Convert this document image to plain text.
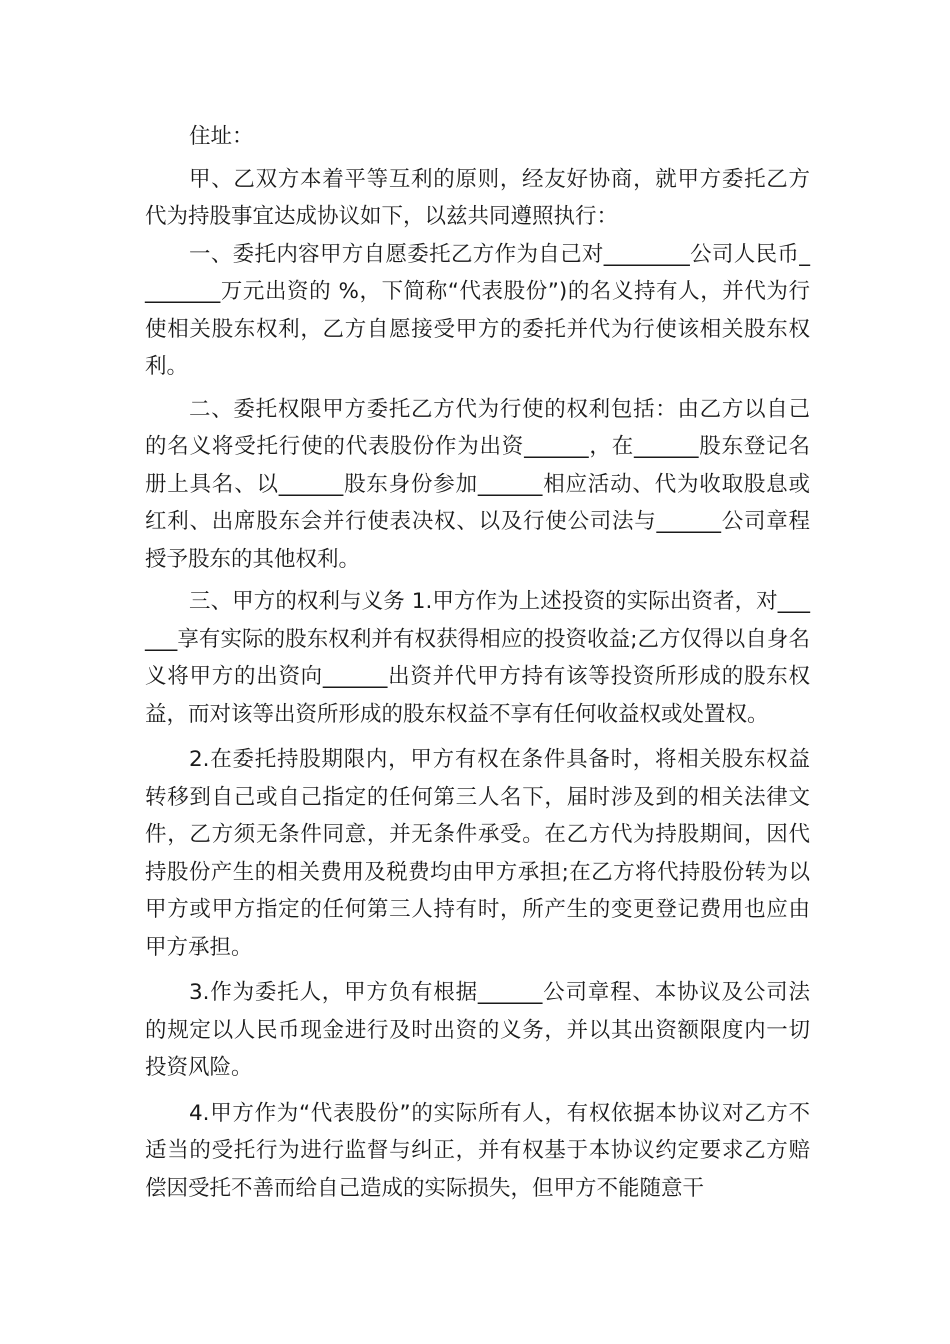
住址：

甲、乙双方本着平等互利的原则，经友好协商，就甲方委托乙方代为持股事宜达成协议如下，以兹共同遵照执行：

一、委托内容甲方自愿委托乙方作为自己对________公司人民币________万元出资的 %，下简称“代表股份”)的名义持有人，并代为行使相关股东权利，乙方自愿接受甲方的委托并代为行使该相关股东权利。

二、委托权限甲方委托乙方代为行使的权利包括：由乙方以自己的名义将受托行使的代表股份作为出资______，在______股东登记名册上具名、以______股东身份参加______相应活动、代为收取股息或红利、出席股东会并行使表决权、以及行使公司法与______公司章程授予股东的其他权利。

三、甲方的权利与义务 1.甲方作为上述投资的实际出资者，对______享有实际的股东权利并有权获得相应的投资收益;乙方仅得以自身名义将甲方的出资向______出资并代甲方持有该等投资所形成的股东权益，而对该等出资所形成的股东权益不享有任何收益权或处置权。

2.在委托持股期限内，甲方有权在条件具备时，将相关股东权益转移到自己或自己指定的任何第三人名下，届时涉及到的相关法律文件，乙方须无条件同意，并无条件承受。在乙方代为持股期间，因代持股份产生的相关费用及税费均由甲方承担;在乙方将代持股份转为以甲方或甲方指定的任何第三人持有时，所产生的变更登记费用也应由甲方承担。

3.作为委托人，甲方负有根据______公司章程、本协议及公司法的规定以人民币现金进行及时出资的义务，并以其出资额限度内一切投资风险。

4.甲方作为“代表股份”的实际所有人，有权依据本协议对乙方不适当的受托行为进行监督与纠正，并有权基于本协议约定要求乙方赔偿因受托不善而给自己造成的实际损失，但甲方不能随意干
